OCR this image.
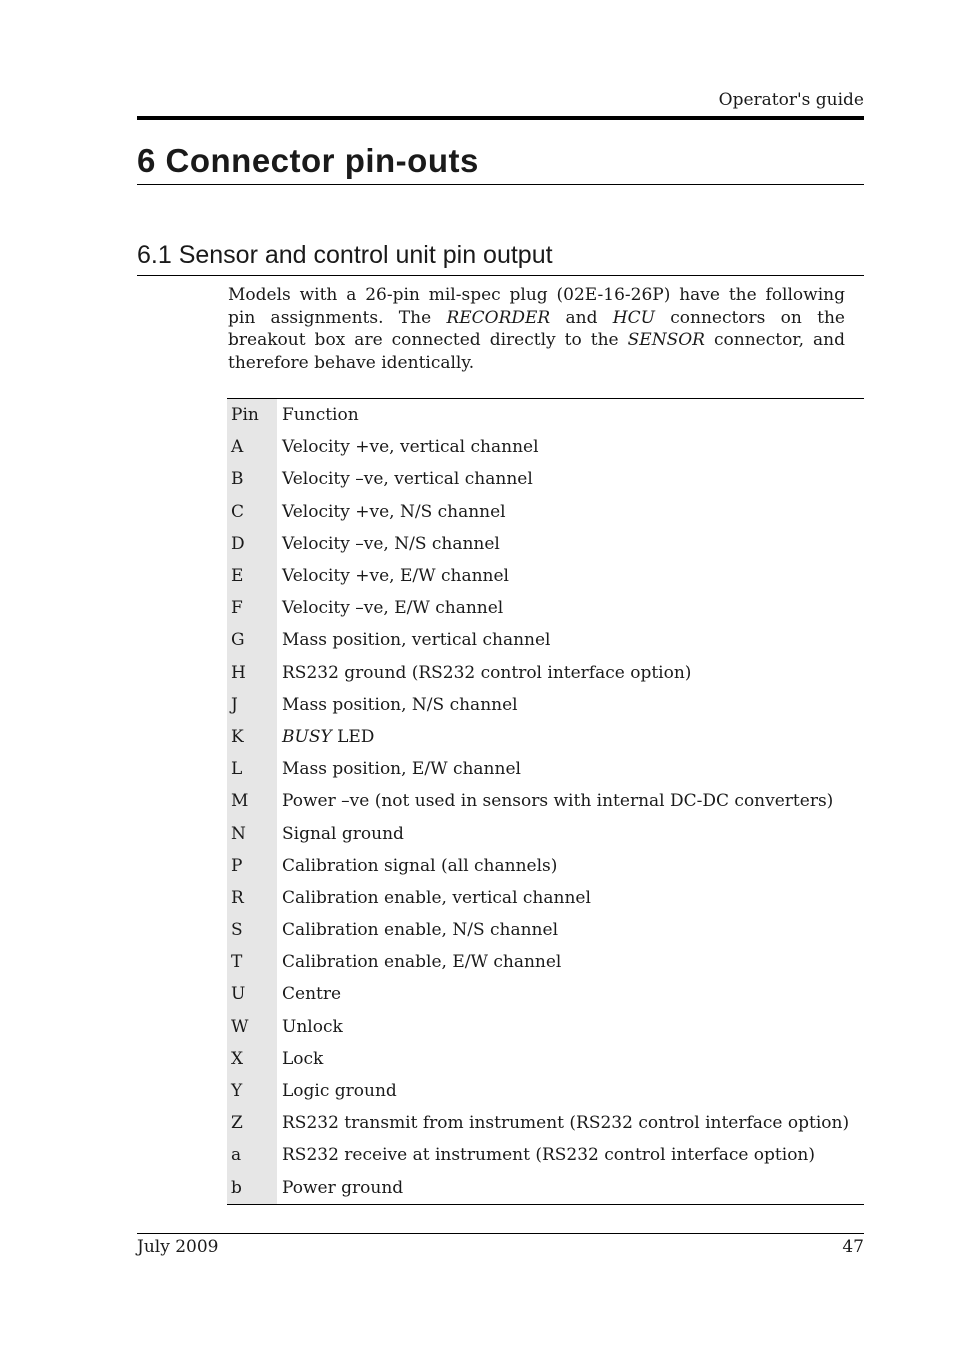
Operator's guide
6 Connector pin-outs
6.1 Sensor and control unit pin output

Models with a 26-pin mil-spec plug (02E-16-26P) have the following pin assignments. The RECORDER and HCU connectors on the breakout box are connected directly to the SENSOR connector, and therefore behave identically.

Pin	Function
A	Velocity +ve, vertical channel
B	Velocity –ve, vertical channel
C	Velocity +ve, N/S channel
D	Velocity –ve, N/S channel
E	Velocity +ve, E/W channel
F	Velocity –ve, E/W channel
G	Mass position, vertical channel
H	RS232 ground (RS232 control interface option)
J	Mass position, N/S channel
K	BUSY LED
L	Mass position, E/W channel
M	Power –ve (not used in sensors with internal DC-DC converters)
N	Signal ground
P	Calibration signal (all channels)
R	Calibration enable, vertical channel
S	Calibration enable, N/S channel
T	Calibration enable, E/W channel
U	Centre
W	Unlock
X	Lock
Y	Logic ground
Z	RS232 transmit from instrument (RS232 control interface option)
a	RS232 receive at instrument (RS232 control interface option)
b	Power ground
July 2009	47
